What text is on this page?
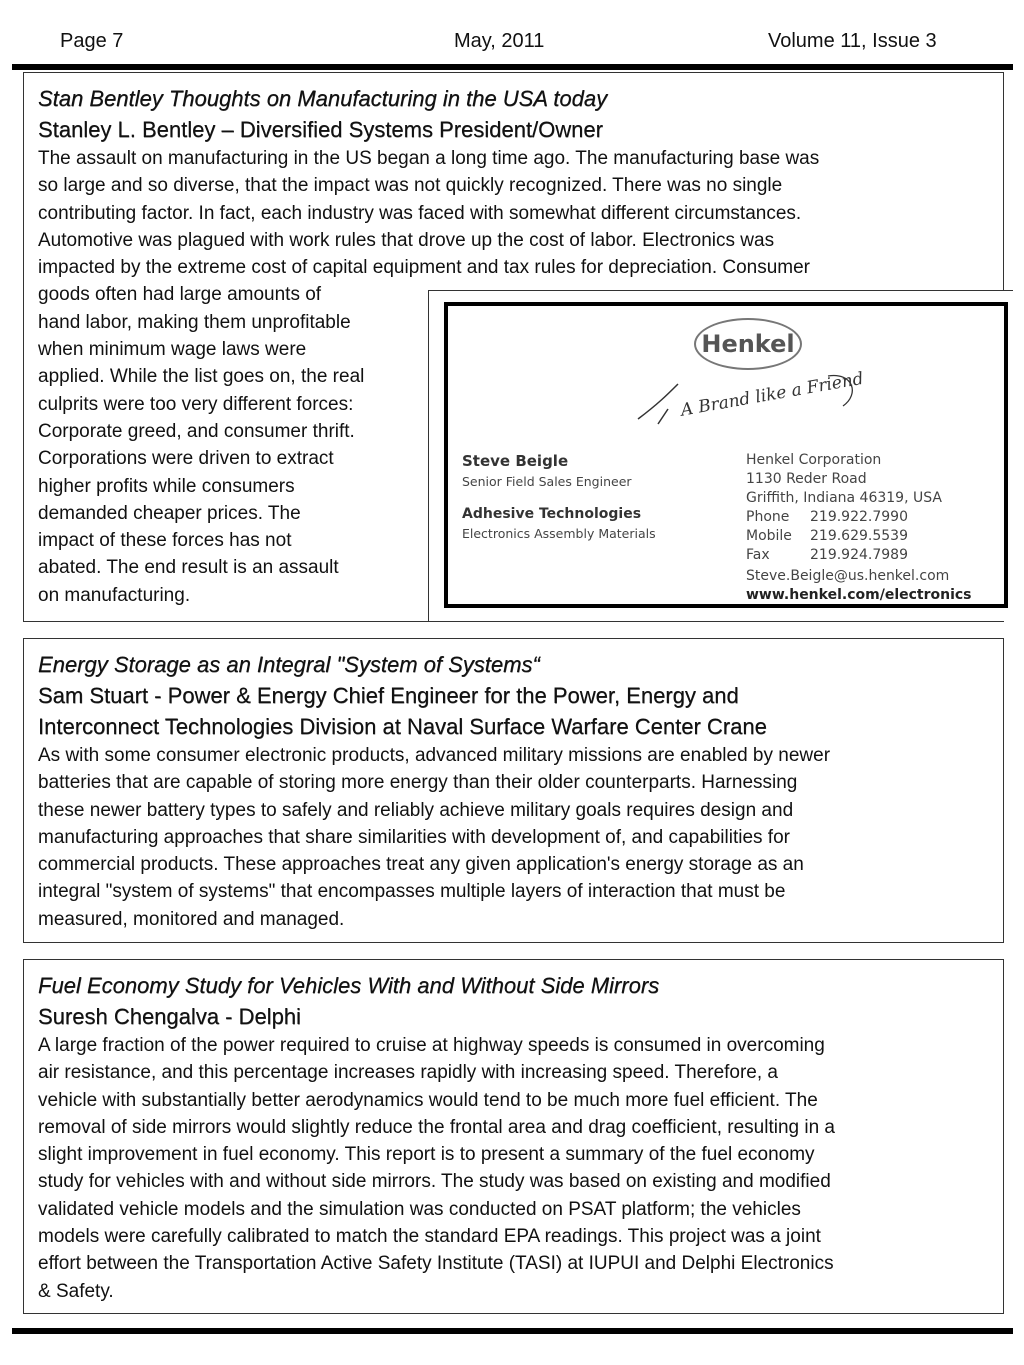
Page 7	May, 2011	Volume 11, Issue 3
Stan Bentley Thoughts on Manufacturing in the USA today
Stanley L. Bentley – Diversified Systems President/Owner
The assault on manufacturing in the US began a long time ago. The manufacturing base was
so large and so diverse, that the impact was not quickly recognized. There was no single
contributing factor. In fact, each industry was faced with somewhat different circumstances.
Automotive was plagued with work rules that drove up the cost of labor. Electronics was
impacted by the extreme cost of capital equipment and tax rules for depreciation. Consumer
goods often had large amounts of
hand labor, making them unprofitable
when minimum wage laws were
applied. While the list goes on, the real
culprits were too very different forces:
Corporate greed, and consumer thrift.
Corporations were driven to extract
higher profits while consumers
demanded cheaper prices. The
impact of these forces has not
abated. The end result is an assault
on manufacturing.
Henkel
A Brand like a Friend
Steve Beigle
Senior Field Sales Engineer
Adhesive Technologies
Electronics Assembly Materials
Henkel Corporation
1130 Reder Road
Griffith, Indiana 46319, USA
Phone 219.922.7990
Mobile 219.629.5539
Fax	219.924.7989
Steve.Beigle@us.henkel.com
www.henkel.com/electronics
Energy Storage as an Integral "System of Systems“
Sam Stuart - Power & Energy Chief Engineer for the Power, Energy and
Interconnect Technologies Division at Naval Surface Warfare Center Crane
As with some consumer electronic products, advanced military missions are enabled by newer
batteries that are capable of storing more energy than their older counterparts. Harnessing
these newer battery types to safely and reliably achieve military goals requires design and
manufacturing approaches that share similarities with development of, and capabilities for
commercial products. These approaches treat any given application's energy storage as an
integral "system of systems" that encompasses multiple layers of interaction that must be
measured, monitored and managed.
Fuel Economy Study for Vehicles With and Without Side Mirrors
Suresh Chengalva - Delphi
A large fraction of the power required to cruise at highway speeds is consumed in overcoming
air resistance, and this percentage increases rapidly with increasing speed. Therefore, a
vehicle with substantially better aerodynamics would tend to be much more fuel efficient. The
removal of side mirrors would slightly reduce the frontal area and drag coefficient, resulting in a
slight improvement in fuel economy. This report is to present a summary of the fuel economy
study for vehicles with and without side mirrors. The study was based on existing and modified
validated vehicle models and the simulation was conducted on PSAT platform; the vehicles
models were carefully calibrated to match the standard EPA readings. This project was a joint
effort between the Transportation Active Safety Institute (TASI) at IUPUI and Delphi Electronics
& Safety.
